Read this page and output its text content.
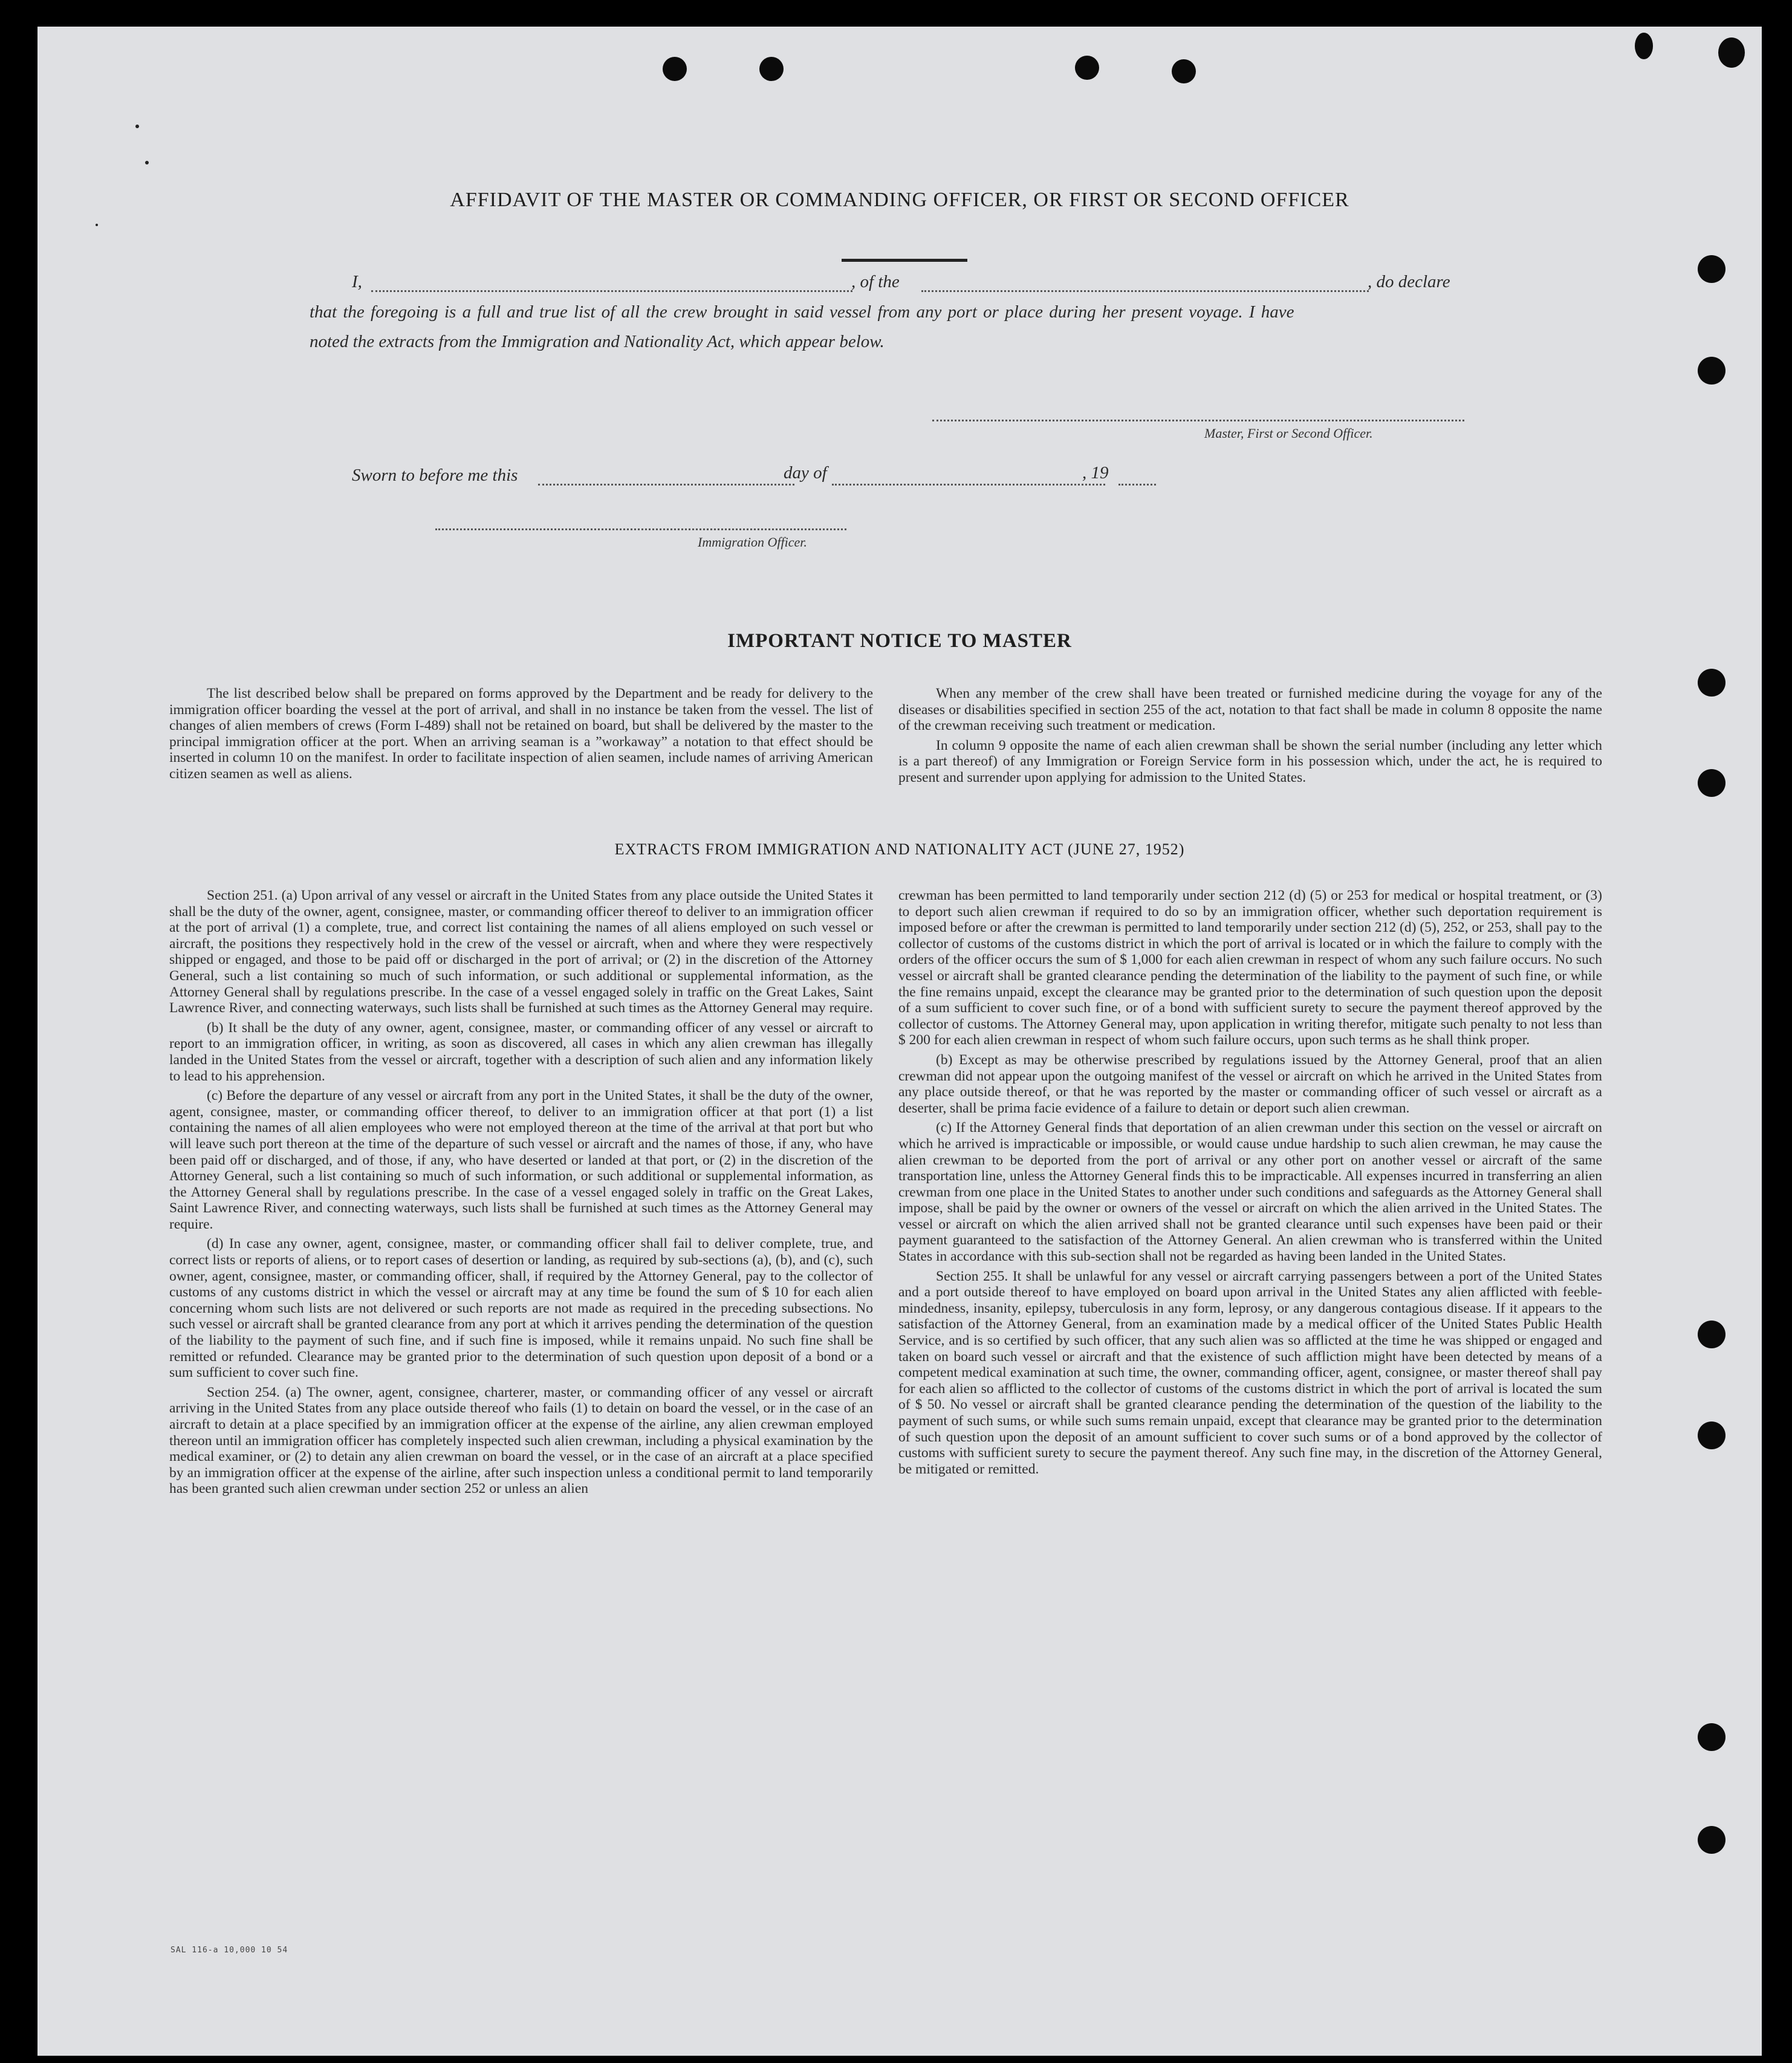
AFFIDAVIT OF THE MASTER OR COMMANDING OFFICER, OR FIRST OR SECOND OFFICER
I,	, of the	, do declare
that the foregoing is a full and true list of all the crew brought in said vessel from any port or place during her present voyage. I have
noted the extracts from the Immigration and Nationality Act, which appear below.
Master, First or Second Officer.
Sworn to before me this	day of	, 19
Immigration Officer.
IMPORTANT NOTICE TO MASTER

The list described below shall be prepared on forms approved by the Department and be ready for delivery to the immigration officer boarding the vessel at the port of arrival, and shall in no instance be taken from the vessel. The list of changes of alien members of crews (Form I-489) shall not be retained on board, but shall be delivered by the master to the principal immigration officer at the port. When an arriving seaman is a ”workaway” a notation to that effect should be inserted in column 10 on the manifest. In order to facilitate inspection of alien seamen, include names of arriving American citizen seamen as well as aliens.

When any member of the crew shall have been treated or furnished medicine during the voyage for any of the diseases or disabilities specified in section 255 of the act, notation to that fact shall be made in column 8 opposite the name of the crewman receiving such treatment or medication.

In column 9 opposite the name of each alien crewman shall be shown the serial number (including any letter which is a part thereof) of any Immigration or Foreign Service form in his possession which, under the act, he is required to present and surrender upon applying for admission to the United States.

EXTRACTS FROM IMMIGRATION AND NATIONALITY ACT (JUNE 27, 1952)

Section 251. (a) Upon arrival of any vessel or aircraft in the United States from any place outside the United States it shall be the duty of the owner, agent, consignee, master, or commanding officer thereof to deliver to an immigration officer at the port of arrival (1) a complete, true, and correct list containing the names of all aliens employed on such vessel or aircraft, the positions they respectively hold in the crew of the vessel or aircraft, when and where they were respectively shipped or engaged, and those to be paid off or discharged in the port of arrival; or (2) in the discretion of the Attorney General, such a list containing so much of such information, or such additional or supplemental information, as the Attorney General shall by regulations prescribe. In the case of a vessel engaged solely in traffic on the Great Lakes, Saint Lawrence River, and connecting waterways, such lists shall be furnished at such times as the Attorney General may require.

(b) It shall be the duty of any owner, agent, consignee, master, or commanding officer of any vessel or aircraft to report to an immigration officer, in writing, as soon as discovered, all cases in which any alien crewman has illegally landed in the United States from the vessel or aircraft, together with a description of such alien and any information likely to lead to his apprehension.

(c) Before the departure of any vessel or aircraft from any port in the United States, it shall be the duty of the owner, agent, consignee, master, or commanding officer thereof, to deliver to an immigration officer at that port (1) a list containing the names of all alien employees who were not employed thereon at the time of the arrival at that port but who will leave such port thereon at the time of the departure of such vessel or aircraft and the names of those, if any, who have been paid off or discharged, and of those, if any, who have deserted or landed at that port, or (2) in the discretion of the Attorney General, such a list containing so much of such information, or such additional or supplemental information, as the Attorney General shall by regulations prescribe. In the case of a vessel engaged solely in traffic on the Great Lakes, Saint Lawrence River, and connecting waterways, such lists shall be furnished at such times as the Attorney General may require.

(d) In case any owner, agent, consignee, master, or commanding officer shall fail to deliver complete, true, and correct lists or reports of aliens, or to report cases of desertion or landing, as required by sub-sections (a), (b), and (c), such owner, agent, consignee, master, or commanding officer, shall, if required by the Attorney General, pay to the collector of customs of any customs district in which the vessel or aircraft may at any time be found the sum of $ 10 for each alien concerning whom such lists are not delivered or such reports are not made as required in the preceding subsections. No such vessel or aircraft shall be granted clearance from any port at which it arrives pending the determination of the question of the liability to the payment of such fine, and if such fine is imposed, while it remains unpaid. No such fine shall be remitted or refunded. Clearance may be granted prior to the determination of such question upon deposit of a bond or a sum sufficient to cover such fine.

Section 254. (a) The owner, agent, consignee, charterer, master, or commanding officer of any vessel or aircraft arriving in the United States from any place outside thereof who fails (1) to detain on board the vessel, or in the case of an aircraft to detain at a place specified by an immigration officer at the expense of the airline, any alien crewman employed thereon until an immigration officer has completely inspected such alien crewman, including a physical examination by the medical examiner, or (2) to detain any alien crewman on board the vessel, or in the case of an aircraft at a place specified by an immigration officer at the expense of the airline, after such inspection unless a conditional permit to land temporarily has been granted such alien crewman under section 252 or unless an alien

crewman has been permitted to land temporarily under section 212 (d) (5) or 253 for medical or hospital treatment, or (3) to deport such alien crewman if required to do so by an immigration officer, whether such deportation requirement is imposed before or after the crewman is permitted to land temporarily under section 212 (d) (5), 252, or 253, shall pay to the collector of customs of the customs district in which the port of arrival is located or in which the failure to comply with the orders of the officer occurs the sum of $ 1,000 for each alien crewman in respect of whom any such failure occurs. No such vessel or aircraft shall be granted clearance pending the determination of the liability to the payment of such fine, or while the fine remains unpaid, except the clearance may be granted prior to the determination of such question upon the deposit of a sum sufficient to cover such fine, or of a bond with sufficient surety to secure the payment thereof approved by the collector of customs. The Attorney General may, upon application in writing therefor, mitigate such penalty to not less than $ 200 for each alien crewman in respect of whom such failure occurs, upon such terms as he shall think proper.

(b) Except as may be otherwise prescribed by regulations issued by the Attorney General, proof that an alien crewman did not appear upon the outgoing manifest of the vessel or aircraft on which he arrived in the United States from any place outside thereof, or that he was reported by the master or commanding officer of such vessel or aircraft as a deserter, shall be prima facie evidence of a failure to detain or deport such alien crewman.

(c) If the Attorney General finds that deportation of an alien crewman under this section on the vessel or aircraft on which he arrived is impracticable or impossible, or would cause undue hardship to such alien crewman, he may cause the alien crewman to be deported from the port of arrival or any other port on another vessel or aircraft of the same transportation line, unless the Attorney General finds this to be impracticable. All expenses incurred in transferring an alien crewman from one place in the United States to another under such conditions and safeguards as the Attorney General shall impose, shall be paid by the owner or owners of the vessel or aircraft on which the alien arrived in the United States. The vessel or aircraft on which the alien arrived shall not be granted clearance until such expenses have been paid or their payment guaranteed to the satisfaction of the Attorney General. An alien crewman who is transferred within the United States in accordance with this sub-section shall not be regarded as having been landed in the United States.

Section 255. It shall be unlawful for any vessel or aircraft carrying passengers between a port of the United States and a port outside thereof to have employed on board upon arrival in the United States any alien afflicted with feeble-mindedness, insanity, epilepsy, tuberculosis in any form, leprosy, or any dangerous contagious disease. If it appears to the satisfaction of the Attorney General, from an examination made by a medical officer of the United States Public Health Service, and is so certified by such officer, that any such alien was so afflicted at the time he was shipped or engaged and taken on board such vessel or aircraft and that the existence of such affliction might have been detected by means of a competent medical examination at such time, the owner, commanding officer, agent, consignee, or master thereof shall pay for each alien so afflicted to the collector of customs of the customs district in which the port of arrival is located the sum of $ 50. No vessel or aircraft shall be granted clearance pending the determination of the question of the liability to the payment of such sums, or while such sums remain unpaid, except that clearance may be granted prior to the determination of such question upon the deposit of an amount sufficient to cover such sums or of a bond approved by the collector of customs with sufficient surety to secure the payment thereof. Any such fine may, in the discretion of the Attorney General, be mitigated or remitted.

SAL 116-a 10,000 10 54
